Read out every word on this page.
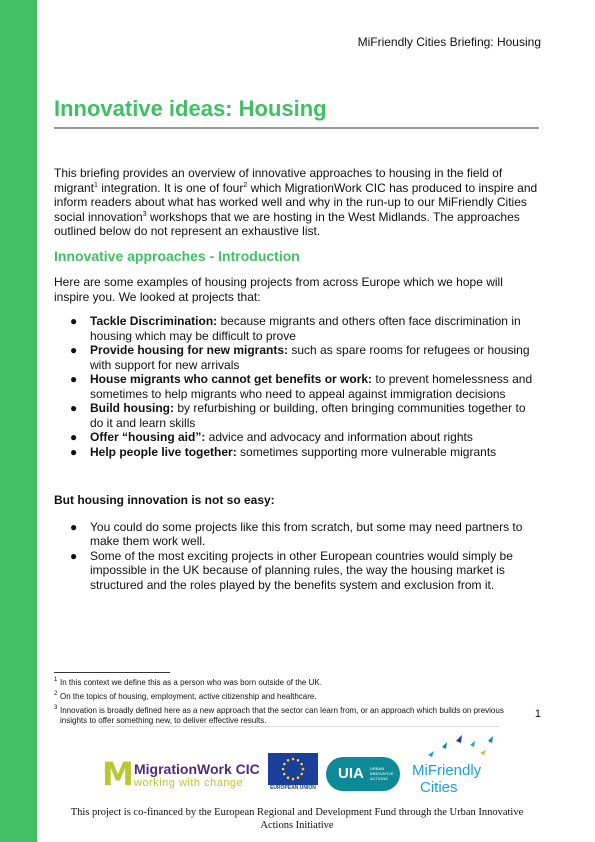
MiFriendly Cities Briefing: Housing
Innovative ideas: Housing

This briefing provides an overview of innovative approaches to housing in the field of migrant$^1$ integration. It is one of four$^2$ which MigrationWork CIC has produced to inspire and inform readers about what has worked well and why in the run-up to our MiFriendly Cities social innovation$^3$ workshops that we are hosting in the West Midlands. The approaches outlined below do not represent an exhaustive list.

Innovative approaches - Introduction

Here are some examples of housing projects from across Europe which we hope will inspire you. We looked at projects that:

● Tackle Discrimination: because migrants and others often face discrimination in housing which may be difficult to prove
● Provide housing for new migrants: such as spare rooms for refugees or housing with support for new arrivals
● House migrants who cannot get benefits or work: to prevent homelessness and sometimes to help migrants who need to appeal against immigration decisions
● Build housing: by refurbishing or building, often bringing communities together to do it and learn skills
● Offer “housing aid”: advice and advocacy and information about rights
● Help people live together: sometimes supporting more vulnerable migrants
But housing innovation is not so easy:
● You could do some projects like this from scratch, but some may need partners to make them work well.
● Some of the most exciting projects in other European countries would simply be impossible in the UK because of planning rules, the way the housing market is structured and the roles played by the benefits system and exclusion from it.
1 In this context we define this as a person who was born outside of the UK.
2 On the topics of housing, employment, active citizenship and healthcare.
3 Innovation is broadly defined here as a new approach that the sector can learn from, or an approach which builds on previous insights to offer something new, to deliver effective results.
1
M MigrationWork CIC
working with change	EUROPEAN UNION
UIA URBAN INNOVATIVE ACTIONS	MiFriendly
Cities
This project is co-financed by the European Regional and Development Fund through the Urban Innovative Actions Initiative
